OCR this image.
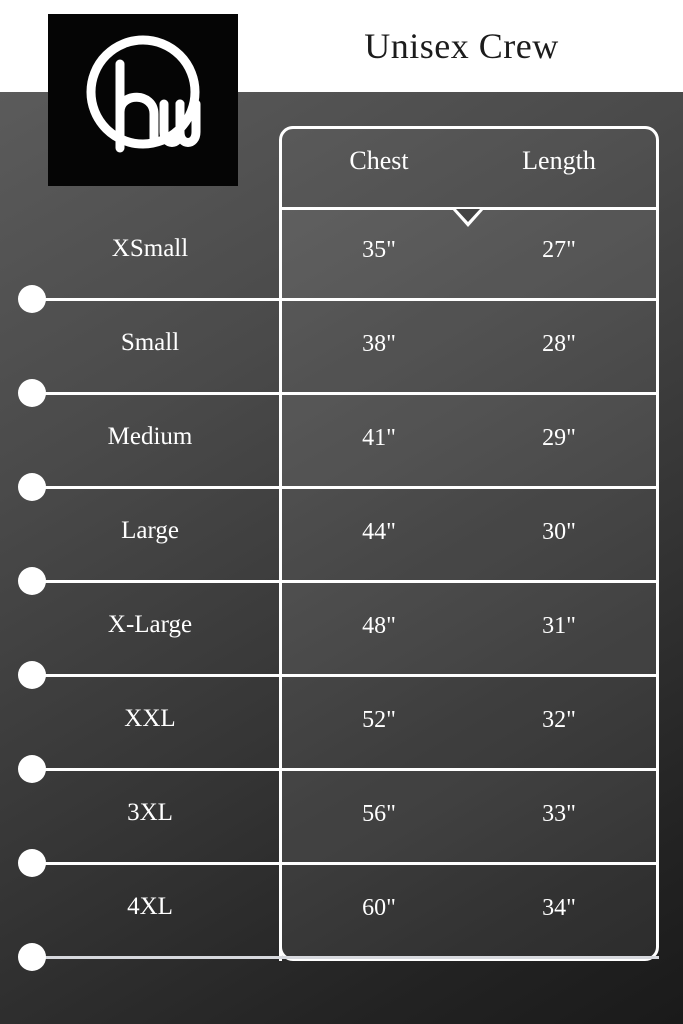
Unisex Crew
Chest	Length
XSmall	35"	27"
Small	38"	28"
Medium	41"	29"
Large	44"	30"
X-Large	48"	31"
XXL	52"	32"
3XL	56"	33"
4XL	60"	34"
